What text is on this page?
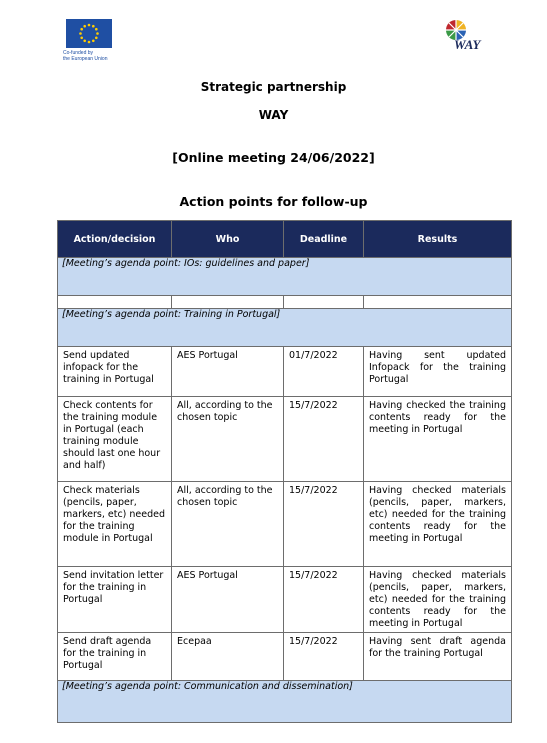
Co-funded by
the European Union
WAY
Strategic partnership
WAY
[Online meeting 24/06/2022]
Action points for follow-up
Action/decision	Who	Deadline	Results
[Meeting’s agenda point: IOs: guidelines and paper]			

[Meeting’s agenda point: Training in Portugal]			
Send updated infopack for the training in Portugal	AES Portugal	01/7/2022	Having sent updated Infopack for the training Portugal
Check contents for the training module in Portugal (each training module should last one hour and half)	All, according to the chosen topic	15/7/2022	Having checked the training contents ready for the meeting in Portugal
Check materials (pencils, paper, markers, etc) needed for the training module in Portugal	All, according to the chosen topic	15/7/2022	Having checked materials (pencils, paper, markers, etc) needed for the training contents ready for the meeting in Portugal
Send invitation letter for the training in Portugal	AES Portugal	15/7/2022	Having checked materials (pencils, paper, markers, etc) needed for the training contents ready for the meeting in Portugal
Send draft agenda for the training in Portugal	Ecepaa	15/7/2022	Having sent draft agenda for the training Portugal
[Meeting’s agenda point: Communication and dissemination]			
